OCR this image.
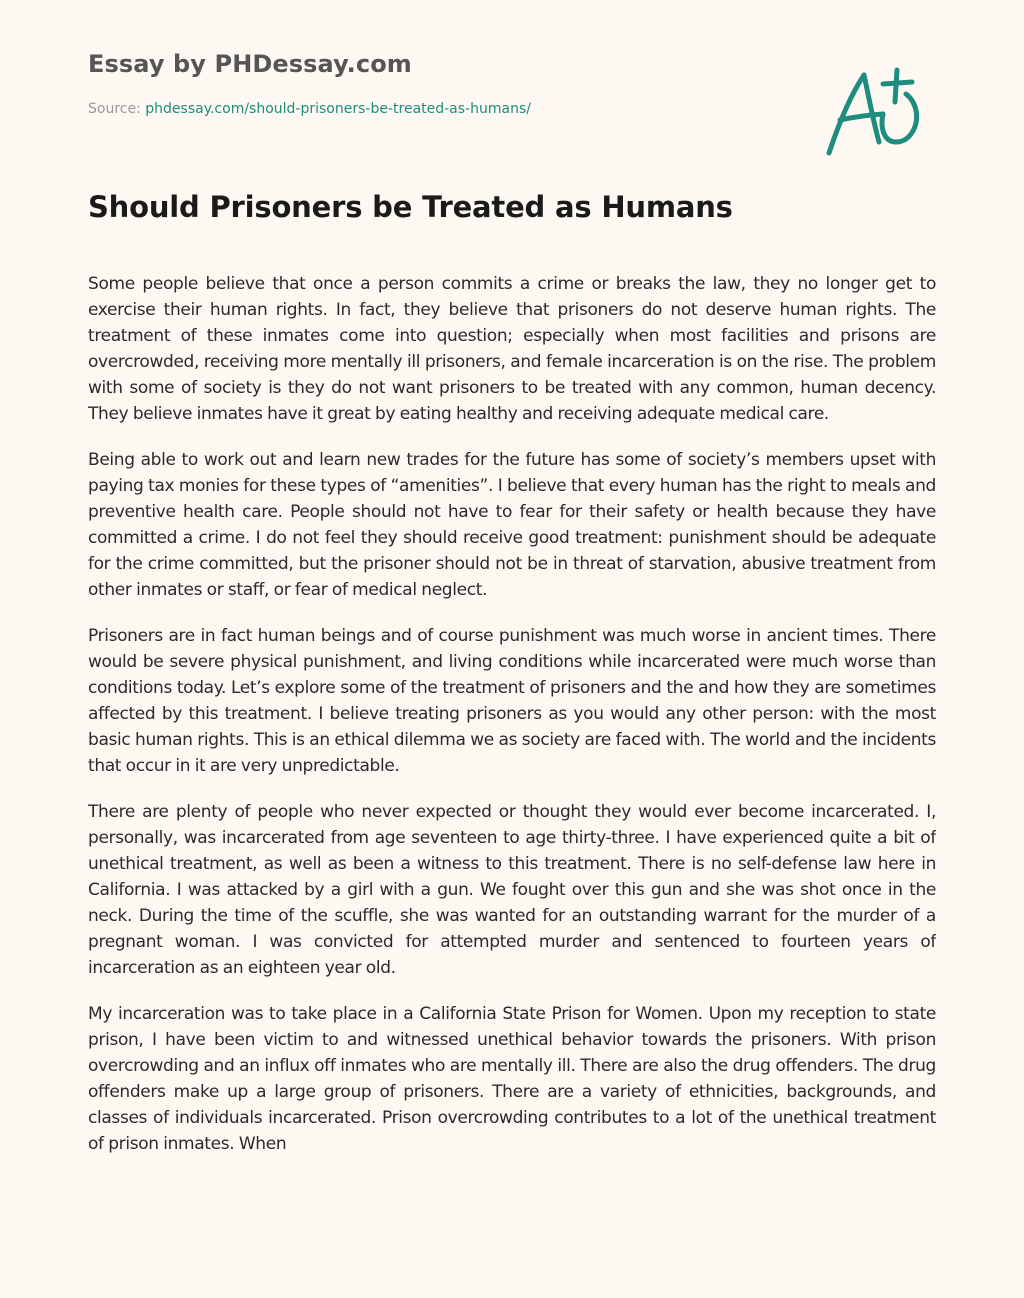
Essay by PHDessay.com
Source: phdessay.com/should-prisoners-be-treated-as-humans/
Should Prisoners be Treated as Humans

Some people believe that once a person commits a crime or breaks the law, they no longer get to exercise their human rights. In fact, they believe that prisoners do not deserve human rights. The treatment of these inmates come into question; especially when most facilities and prisons are overcrowded, receiving more mentally ill prisoners, and female incarceration is on the rise. The problem with some of society is they do not want prisoners to be treated with any common, human decency. They believe inmates have it great by eating healthy and receiving adequate medical care.

Being able to work out and learn new trades for the future has some of society’s members upset with paying tax monies for these types of “amenities”. I believe that every human has the right to meals and preventive health care. People should not have to fear for their safety or health because they have committed a crime. I do not feel they should receive good treatment: punishment should be adequate for the crime committed, but the prisoner should not be in threat of starvation, abusive treatment from other inmates or staff, or fear of medical neglect.

Prisoners are in fact human beings and of course punishment was much worse in ancient times. There would be severe physical punishment, and living conditions while incarcerated were much worse than conditions today. Let’s explore some of the treatment of prisoners and the and how they are sometimes affected by this treatment. I believe treating prisoners as you would any other person: with the most basic human rights. This is an ethical dilemma we as society are faced with. The world and the incidents that occur in it are very unpredictable.

There are plenty of people who never expected or thought they would ever become incarcerated. I, personally, was incarcerated from age seventeen to age thirty-three. I have experienced quite a bit of unethical treatment, as well as been a witness to this treatment. There is no self-defense law here in California. I was attacked by a girl with a gun. We fought over this gun and she was shot once in the neck. During the time of the scuffle, she was wanted for an outstanding warrant for the murder of a pregnant woman. I was convicted for attempted murder and sentenced to fourteen years of incarceration as an eighteen year old.

My incarceration was to take place in a California State Prison for Women. Upon my reception to state prison, I have been victim to and witnessed unethical behavior towards the prisoners. With prison overcrowding and an influx off inmates who are mentally ill. There are also the drug offenders. The drug offenders make up a large group of prisoners. There are a variety of ethnicities, backgrounds, and classes of individuals incarcerated. Prison overcrowding contributes to a lot of the unethical treatment of prison inmates. When
